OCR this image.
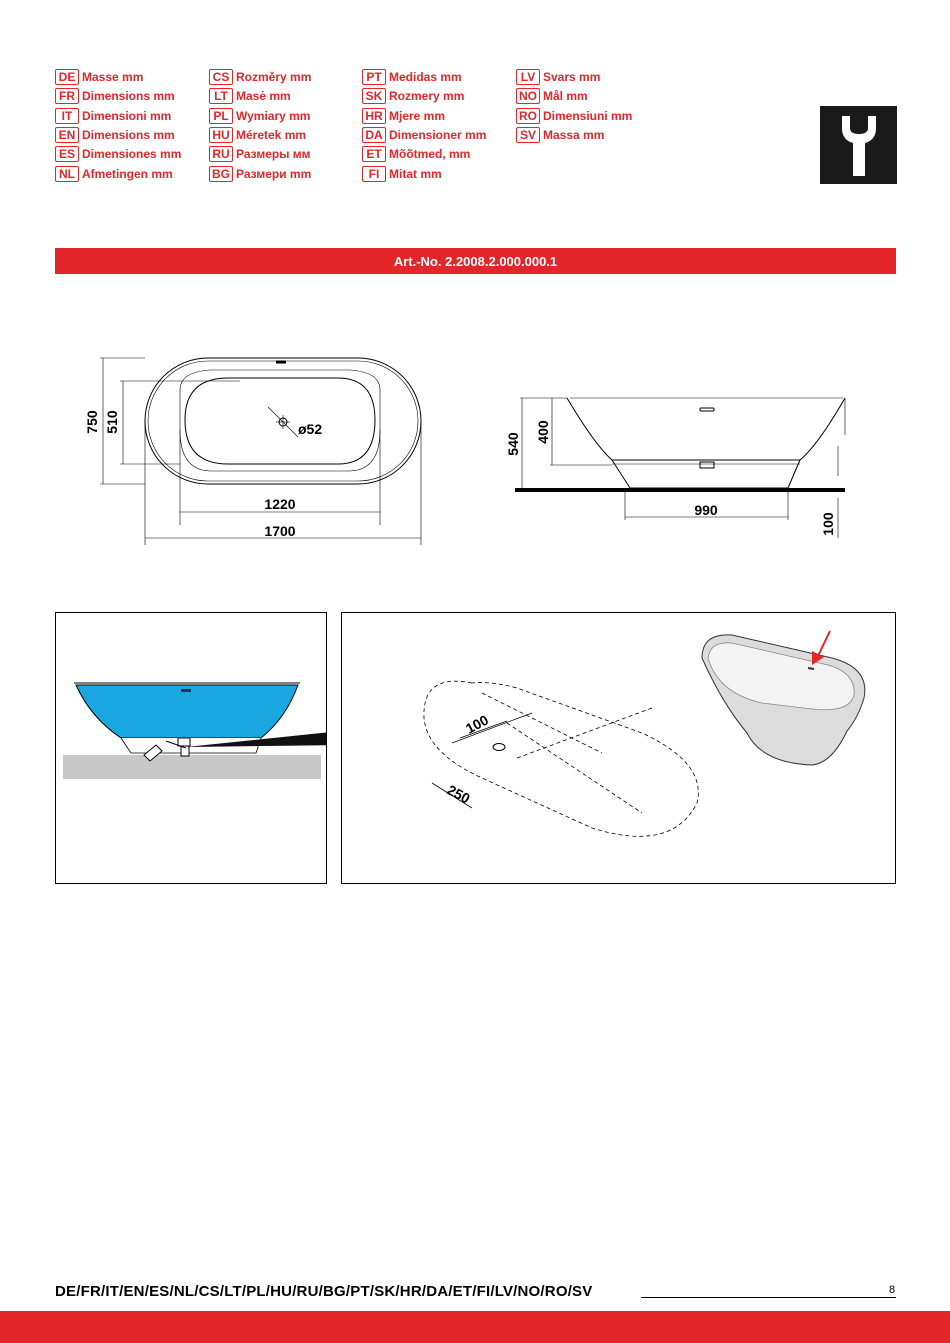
DE Masse mm
FR Dimensions mm
IT Dimensioni mm
EN Dimensions mm
ES Dimensiones mm
NL Afmetingen mm
CS Rozměry mm
LT Masė mm
PL Wymiary mm
HU Méretek mm
RU Размеры мм
BG Размери mm
PT Medidas mm
SK Rozmery mm
HR Mjere mm
DA Dimensioner mm
ET Mõõtmed, mm
FI Mitat mm
LV Svars mm
NO Mål mm
RO Dimensiuni mm
SV Massa mm
Art.-No. 2.2008.2.000.000.1
750 510	ø52
1220
1700
540
400
990
100
100
250
DE/FR/IT/EN/ES/NL/CS/LT/PL/HU/RU/BG/PT/SK/HR/DA/ET/FI/LV/NO/RO/SV	8
